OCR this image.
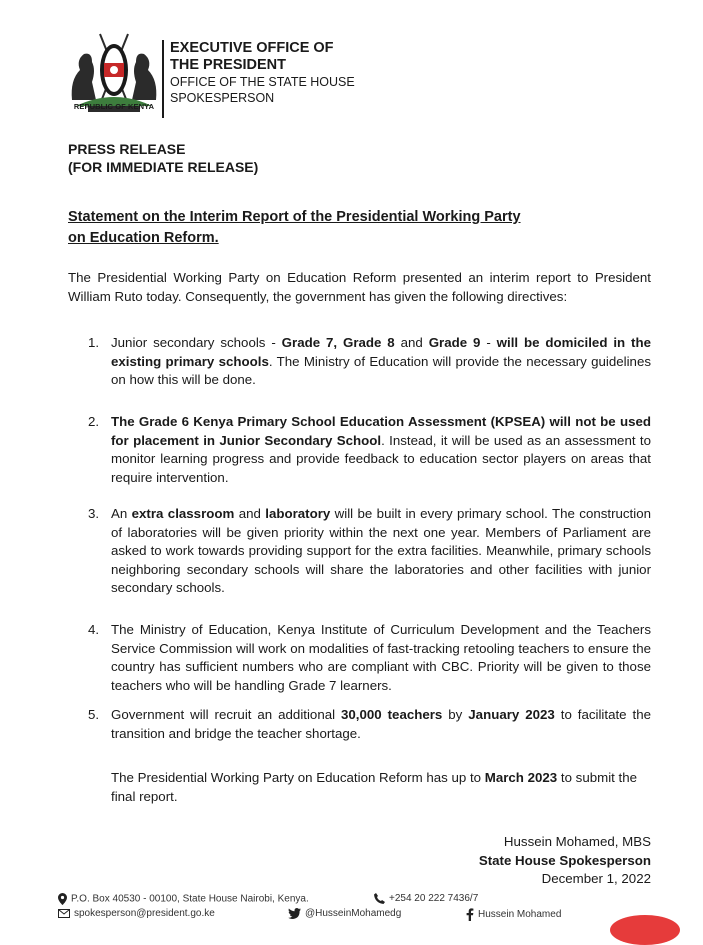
REPUBLIC OF KENYA
EXECUTIVE OFFICE OF
THE PRESIDENT
OFFICE OF THE STATE HOUSE
SPOKESPERSON
PRESS RELEASE
(FOR IMMEDIATE RELEASE)
Statement on the Interim Report of the Presidential Working Party
on Education Reform.
The Presidential Working Party on Education Reform presented an interim report to President William Ruto today. Consequently, the government has given the following directives:
1. Junior secondary schools - Grade 7, Grade 8 and Grade 9 - will be domiciled in the existing primary schools. The Ministry of Education will provide the necessary guidelines on how this will be done.
2. The Grade 6 Kenya Primary School Education Assessment (KPSEA) will not be used for placement in Junior Secondary School. Instead, it will be used as an assessment to monitor learning progress and provide feedback to education sector players on areas that require intervention.
3. An extra classroom and laboratory will be built in every primary school. The construction of laboratories will be given priority within the next one year. Members of Parliament are asked to work towards providing support for the extra facilities. Meanwhile, primary schools neighboring secondary schools will share the laboratories and other facilities with junior secondary schools.
4. The Ministry of Education, Kenya Institute of Curriculum Development and the Teachers Service Commission will work on modalities of fast-tracking retooling teachers to ensure the country has sufficient numbers who are compliant with CBC. Priority will be given to those teachers who will be handling Grade 7 learners.
5. Government will recruit an additional 30,000 teachers by January 2023 to facilitate the transition and bridge the teacher shortage.
The Presidential Working Party on Education Reform has up to March 2023 to submit the final report.
Hussein Mohamed, MBS
State House Spokesperson
December 1, 2022
P.O. Box 40530 - 00100, State House Nairobi, Kenya.	+254 20 222 7436/7
spokesperson@president.go.ke	@HusseinMohamedg	Hussein Mohamed
